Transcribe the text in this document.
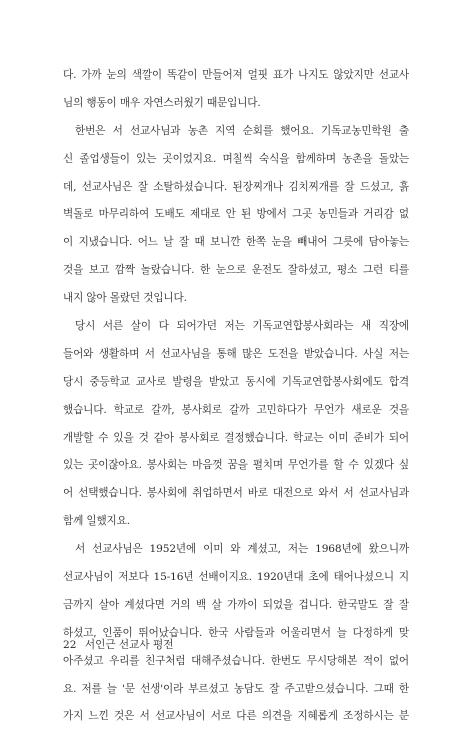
다. 가까 눈의 색깔이 똑같이 만들어져 얼핏 표가 나지도 않았지만 선교사
님의 행동이 매우 자연스러웠기 때문입니다.
한번은 서 선교사님과 농촌 지역 순회를 했어요. 기독교농민학원 출
신 졸업생들이 있는 곳이었지요. 며칠씩 숙식을 함께하며 농촌을 돌았는
데, 선교사님은 잘 소탈하셨습니다. 된장찌개나 김치찌개를 잘 드셨고, 흙
벽돌로 마무리하여 도배도 제대로 안 된 방에서 그곳 농민들과 거리감 없
이 지냈습니다. 어느 날 잘 때 보니깐 한쪽 눈을 빼내어 그릇에 담아놓는
것을 보고 깜짝 놀랐습니다. 한 눈으로 운전도 잘하셨고, 평소 그런 티를
내지 않아 몰랐던 것입니다.
당시 서른 살이 다 되어가던 저는 기독교연합봉사회라는 새 직장에
들어와 생활하며 서 선교사님을 통해 많은 도전을 받았습니다. 사실 저는
당시 중등학교 교사로 발령을 받았고 동시에 기독교연합봉사회에도 합격
했습니다. 학교로 갈까, 봉사회로 갈까 고민하다가 무언가 새로운 것을
개발할 수 있을 것 같아 봉사회로 결정했습니다. 학교는 이미 준비가 되어
있는 곳이잖아요. 봉사회는 마음껏 꿈을 펼치며 무언가를 할 수 있겠다 싶
어 선택했습니다. 봉사회에 취업하면서 바로 대전으로 와서 서 선교사님과
함께 일했지요.
서 선교사님은 1952년에 이미 와 계셨고, 저는 1968년에 왔으니까
선교사님이 저보다 15-16년 선배이지요. 1920년대 초에 태어나셨으니 지
금까지 살아 계셨다면 거의 백 살 가까이 되었을 겁니다. 한국말도 잘 잘
하셨고, 인품이 뛰어났습니다. 한국 사람들과 어울리면서 늘 다정하게 맞
아주셨고 우리를 친구처럼 대해주셨습니다. 한번도 무시당해본 적이 없어
요. 저를 늘 '문 선생'이라 부르셨고 농담도 잘 주고받으셨습니다. 그때 한
가지 느낀 것은 서 선교사님이 서로 다른 의견을 지혜롭게 조정하시는 분
22 서인근 선교사 평전
